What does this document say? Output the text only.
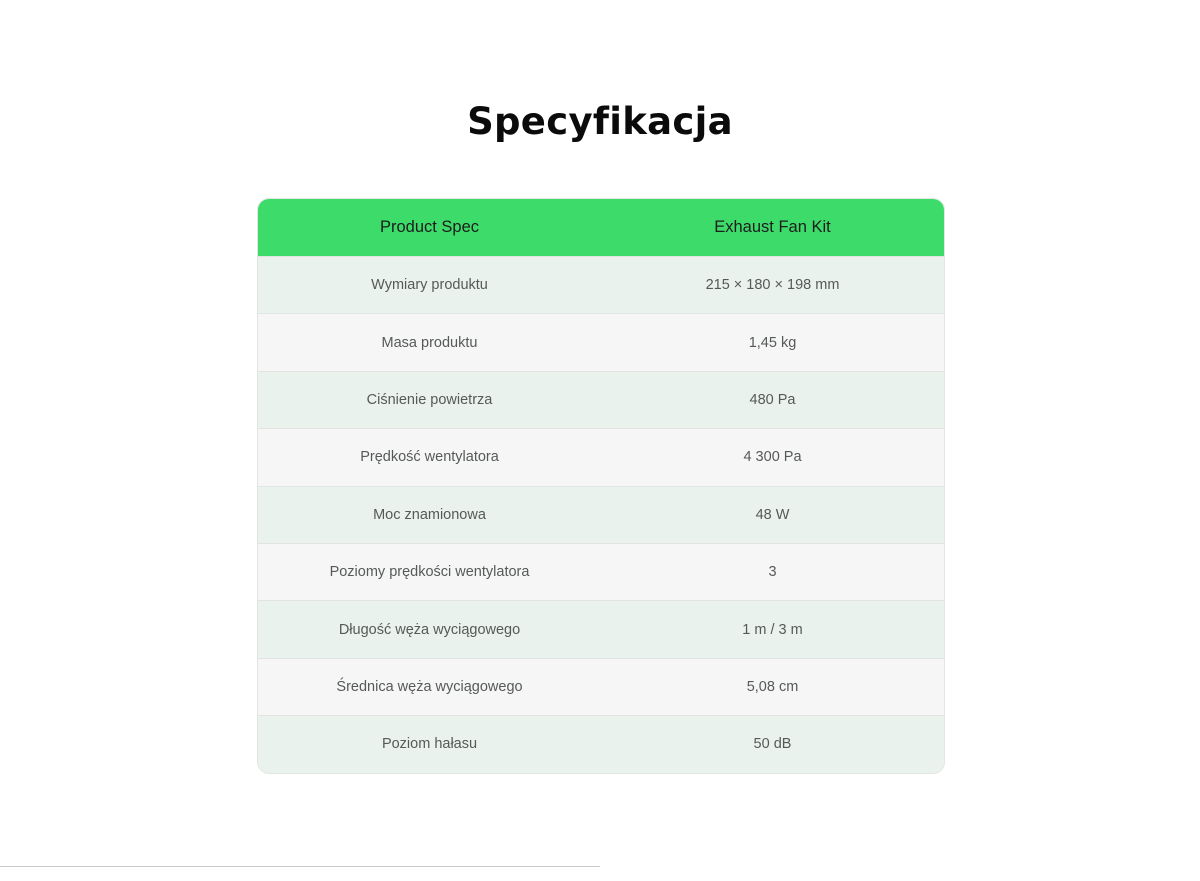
Specyfikacja
Product Spec	Exhaust Fan Kit
Wymiary produktu	215 × 180 × 198 mm
Masa produktu	1,45 kg
Ciśnienie powietrza	480 Pa
Prędkość wentylatora	4 300 Pa
Moc znamionowa	48 W
Poziomy prędkości wentylatora	3
Długość węża wyciągowego	1 m / 3 m
Średnica węża wyciągowego	5,08 cm
Poziom hałasu	50 dB
